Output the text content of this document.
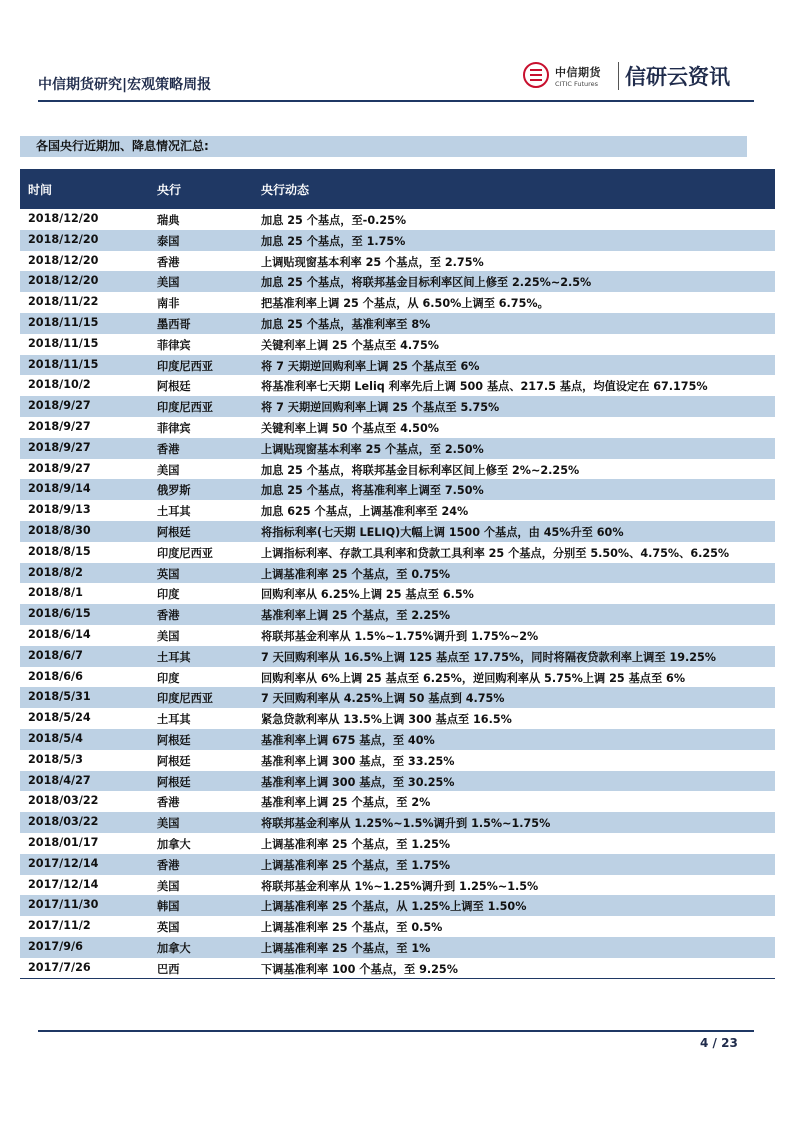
中信期货研究|宏观策略周报
中信期货
CITIC Futures 信研云资讯
各国央行近期加、降息情况汇总:
时间	央行	央行动态
2018/12/20	瑞典	加息 25 个基点，至-0.25%
2018/12/20	泰国	加息 25 个基点，至 1.75%
2018/12/20	香港	上调贴现窗基本利率 25 个基点，至 2.75%
2018/12/20	美国	加息 25 个基点，将联邦基金目标利率区间上修至 2.25%~2.5%
2018/11/22	南非	把基准利率上调 25 个基点，从 6.50%上调至 6.75%。
2018/11/15	墨西哥	加息 25 个基点，基准利率至 8%
2018/11/15	菲律宾	关键利率上调 25 个基点至 4.75%
2018/11/15	印度尼西亚	将 7 天期逆回购利率上调 25 个基点至 6%
2018/10/2	阿根廷	将基准利率七天期 Leliq 利率先后上调 500 基点、217.5 基点，均值设定在 67.175%
2018/9/27	印度尼西亚	将 7 天期逆回购利率上调 25 个基点至 5.75%
2018/9/27	菲律宾	关键利率上调 50 个基点至 4.50%
2018/9/27	香港	上调贴现窗基本利率 25 个基点，至 2.50%
2018/9/27	美国	加息 25 个基点，将联邦基金目标利率区间上修至 2%~2.25%
2018/9/14	俄罗斯	加息 25 个基点，将基准利率上调至 7.50%
2018/9/13	土耳其	加息 625 个基点，上调基准利率至 24%
2018/8/30	阿根廷	将指标利率(七天期 LELIQ)大幅上调 1500 个基点，由 45%升至 60%
2018/8/15	印度尼西亚	上调指标利率、存款工具利率和贷款工具利率 25 个基点，分别至 5.50%、4.75%、6.25%
2018/8/2	英国	上调基准利率 25 个基点，至 0.75%
2018/8/1	印度	回购利率从 6.25%上调 25 基点至 6.5%
2018/6/15	香港	基准利率上调 25 个基点，至 2.25%
2018/6/14	美国	将联邦基金利率从 1.5%~1.75%调升到 1.75%~2%
2018/6/7	土耳其	7 天回购利率从 16.5%上调 125 基点至 17.75%，同时将隔夜贷款利率上调至 19.25%
2018/6/6	印度	回购利率从 6%上调 25 基点至 6.25%，逆回购利率从 5.75%上调 25 基点至 6%
2018/5/31	印度尼西亚	7 天回购利率从 4.25%上调 50 基点到 4.75%
2018/5/24	土耳其	紧急贷款利率从 13.5%上调 300 基点至 16.5%
2018/5/4	阿根廷	基准利率上调 675 基点，至 40%
2018/5/3	阿根廷	基准利率上调 300 基点，至 33.25%
2018/4/27	阿根廷	基准利率上调 300 基点，至 30.25%
2018/03/22	香港	基准利率上调 25 个基点，至 2%
2018/03/22	美国	将联邦基金利率从 1.25%~1.5%调升到 1.5%~1.75%
2018/01/17	加拿大	上调基准利率 25 个基点，至 1.25%
2017/12/14	香港	上调基准利率 25 个基点，至 1.75%
2017/12/14	美国	将联邦基金利率从 1%~1.25%调升到 1.25%~1.5%
2017/11/30	韩国	上调基准利率 25 个基点，从 1.25%上调至 1.50%
2017/11/2	英国	上调基准利率 25 个基点，至 0.5%
2017/9/6	加拿大	上调基准利率 25 个基点，至 1%
2017/7/26	巴西	下调基准利率 100 个基点，至 9.25%
4 / 23
